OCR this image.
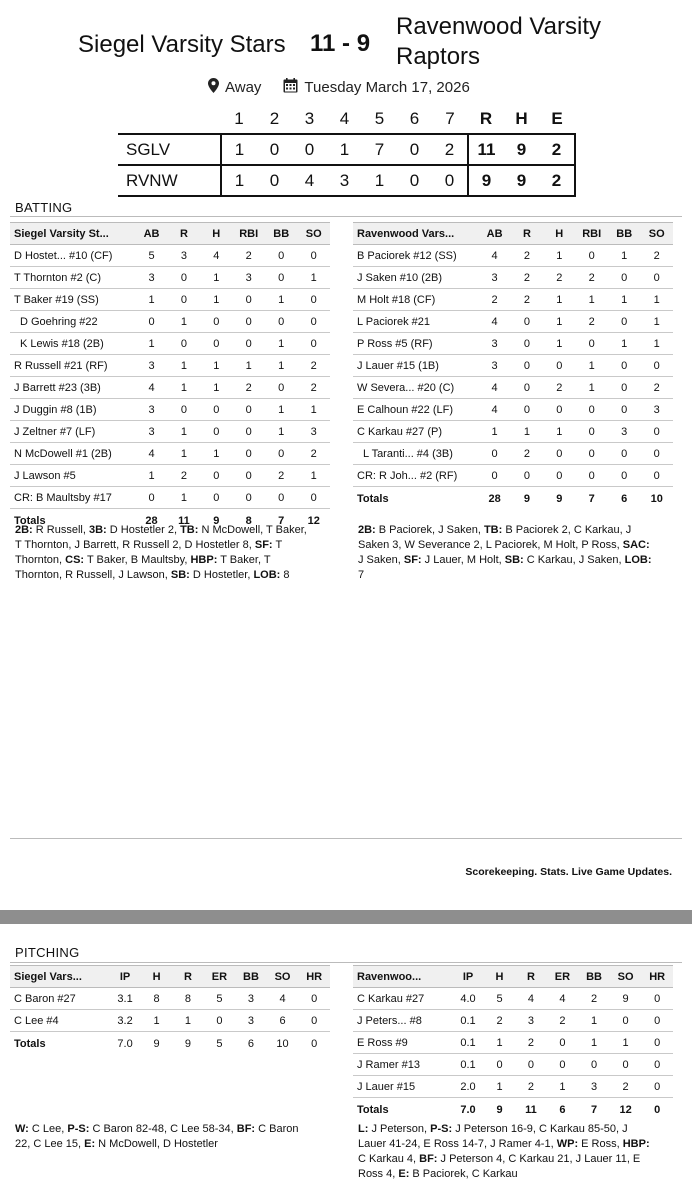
Siegel Varsity Stars 11 - 9
Ravenwood Varsity Raptors
Away	Tuesday March 17, 2026
	1	2	3	4	5	6	7	R	H	E
SGLV	1	0	0	1	7	0	2	11	9	2
RVNW	1	0	4	3	1	0	0	9	9	2
BATTING
Siegel Varsity St...	AB	R	H	RBI	BB	SO
D Hostet... #10 (CF)	5	3	4	2	0	0
T Thornton #2 (C)	3	0	1	3	0	1
T Baker #19 (SS)	1	0	1	0	1	0
D Goehring #22	0	1	0	0	0	0
K Lewis #18 (2B)	1	0	0	0	1	0
R Russell #21 (RF)	3	1	1	1	1	2
J Barrett #23 (3B)	4	1	1	2	0	2
J Duggin #8 (1B)	3	0	0	0	1	1
J Zeltner #7 (LF)	3	1	0	0	1	3
N McDowell #1 (2B)	4	1	1	0	0	2
J Lawson #5	1	2	0	0	2	1
CR: B Maultsby #17	0	1	0	0	0	0
Totals	28	11	9	8	7	12
Ravenwood Vars...	AB	R	H	RBI	BB	SO
B Paciorek #12 (SS)	4	2	1	0	1	2
J Saken #10 (2B)	3	2	2	2	0	0
M Holt #18 (CF)	2	2	1	1	1	1
L Paciorek #21	4	0	1	2	0	1
P Ross #5 (RF)	3	0	1	0	1	1
J Lauer #15 (1B)	3	0	0	1	0	0
W Severa... #20 (C)	4	0	2	1	0	2
E Calhoun #22 (LF)	4	0	0	0	0	3
C Karkau #27 (P)	1	1	1	0	3	0
L Taranti... #4 (3B)	0	2	0	0	0	0
CR: R Joh... #2 (RF)	0	0	0	0	0	0
Totals	28	9	9	7	6	10
2B: R Russell, 3B: D Hostetler 2, TB: N McDowell, T Baker, T Thornton, J Barrett, R Russell 2, D Hostetler 8, SF: T Thornton, CS: T Baker, B Maultsby, HBP: T Baker, T Thornton, R Russell, J Lawson, SB: D Hostetler, LOB: 8
2B: B Paciorek, J Saken, TB: B Paciorek 2, C Karkau, J Saken 3, W Severance 2, L Paciorek, M Holt, P Ross, SAC: J Saken, SF: J Lauer, M Holt, SB: C Karkau, J Saken, LOB: 7
Scorekeeping. Stats. Live Game Updates.
PITCHING
Siegel Vars...	IP	H	R	ER	BB	SO	HR
C Baron #27	3.1	8	8	5	3	4	0
C Lee #4	3.2	1	1	0	3	6	0
Totals	7.0	9	9	5	6	10	0
Ravenwoo...	IP	H	R	ER	BB	SO	HR
C Karkau #27	4.0	5	4	4	2	9	0
J Peters... #8	0.1	2	3	2	1	0	0
E Ross #9	0.1	1	2	0	1	1	0
J Ramer #13	0.1	0	0	0	0	0	0
J Lauer #15	2.0	1	2	1	3	2	0
Totals	7.0	9	11	6	7	12	0
W: C Lee, P-S: C Baron 82-48, C Lee 58-34, BF: C Baron 22, C Lee 15, E: N McDowell, D Hostetler
L: J Peterson, P-S: J Peterson 16-9, C Karkau 85-50, J Lauer 41-24, E Ross 14-7, J Ramer 4-1, WP: E Ross, HBP: C Karkau 4, BF: J Peterson 4, C Karkau 21, J Lauer 11, E Ross 4, E: B Paciorek, C Karkau
